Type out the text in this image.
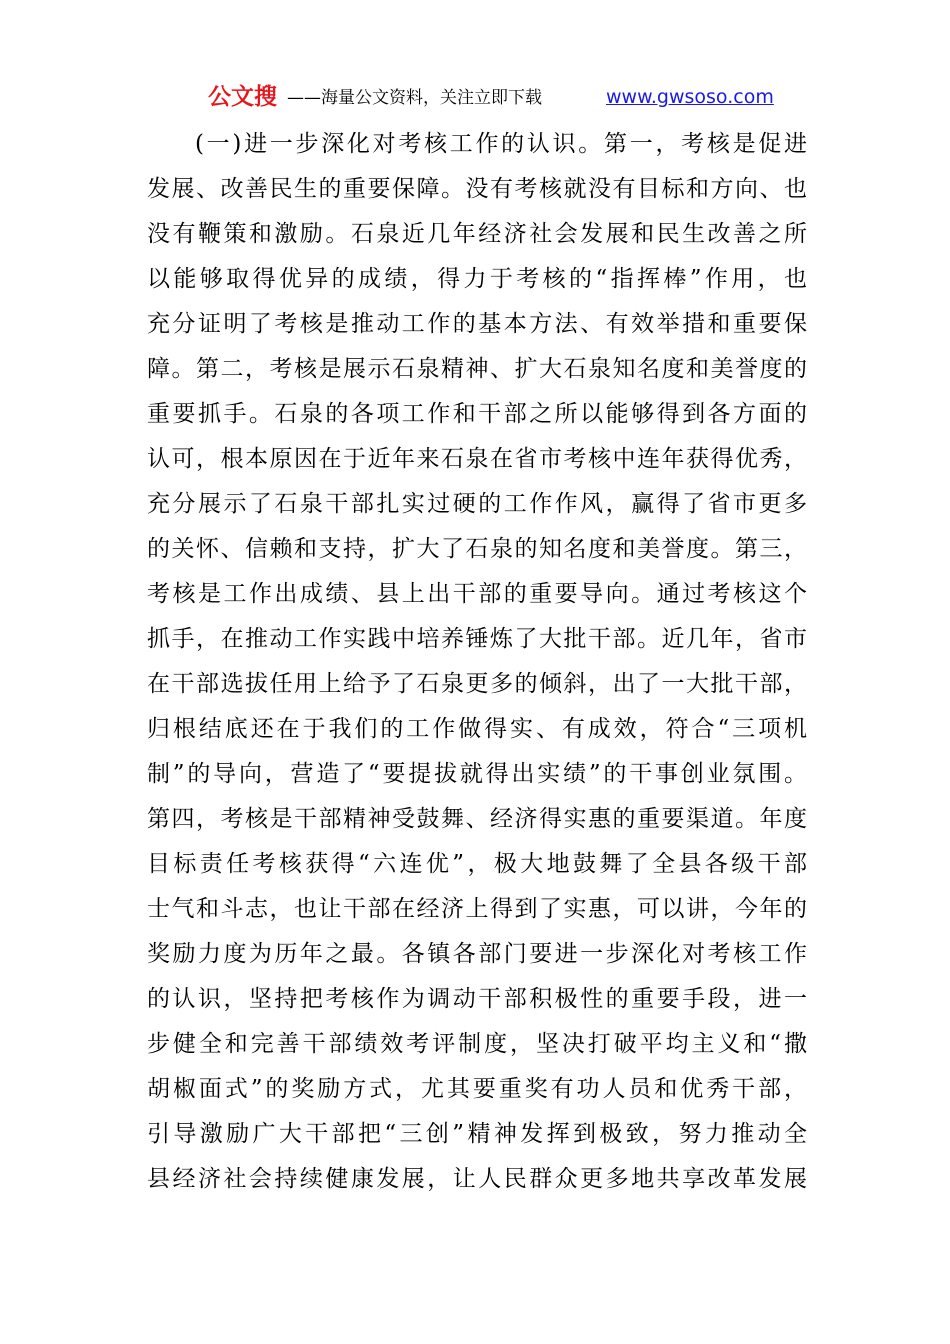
公文搜 ——海量公文资料，关注立即下载	www.gwsoso.com
(一)进一步深化对考核工作的认识。第一，考核是促进
发展、改善民生的重要保障。没有考核就没有目标和方向、也
没有鞭策和激励。石泉近几年经济社会发展和民生改善之所
以能够取得优异的成绩，得力于考核的“指挥棒”作用，也
充分证明了考核是推动工作的基本方法、有效举措和重要保
障。第二，考核是展示石泉精神、扩大石泉知名度和美誉度的
重要抓手。石泉的各项工作和干部之所以能够得到各方面的
认可，根本原因在于近年来石泉在省市考核中连年获得优秀，
充分展示了石泉干部扎实过硬的工作作风，赢得了省市更多
的关怀、信赖和支持，扩大了石泉的知名度和美誉度。第三，
考核是工作出成绩、县上出干部的重要导向。通过考核这个
抓手，在推动工作实践中培养锤炼了大批干部。近几年，省市
在干部选拔任用上给予了石泉更多的倾斜，出了一大批干部，
归根结底还在于我们的工作做得实、有成效，符合“三项机
制”的导向，营造了“要提拔就得出实绩”的干事创业氛围。
第四，考核是干部精神受鼓舞、经济得实惠的重要渠道。年度
目标责任考核获得“六连优”，极大地鼓舞了全县各级干部
士气和斗志，也让干部在经济上得到了实惠，可以讲，今年的
奖励力度为历年之最。各镇各部门要进一步深化对考核工作
的认识，坚持把考核作为调动干部积极性的重要手段，进一
步健全和完善干部绩效考评制度，坚决打破平均主义和“撒
胡椒面式”的奖励方式，尤其要重奖有功人员和优秀干部，
引导激励广大干部把“三创”精神发挥到极致，努力推动全
县经济社会持续健康发展，让人民群众更多地共享改革发展
